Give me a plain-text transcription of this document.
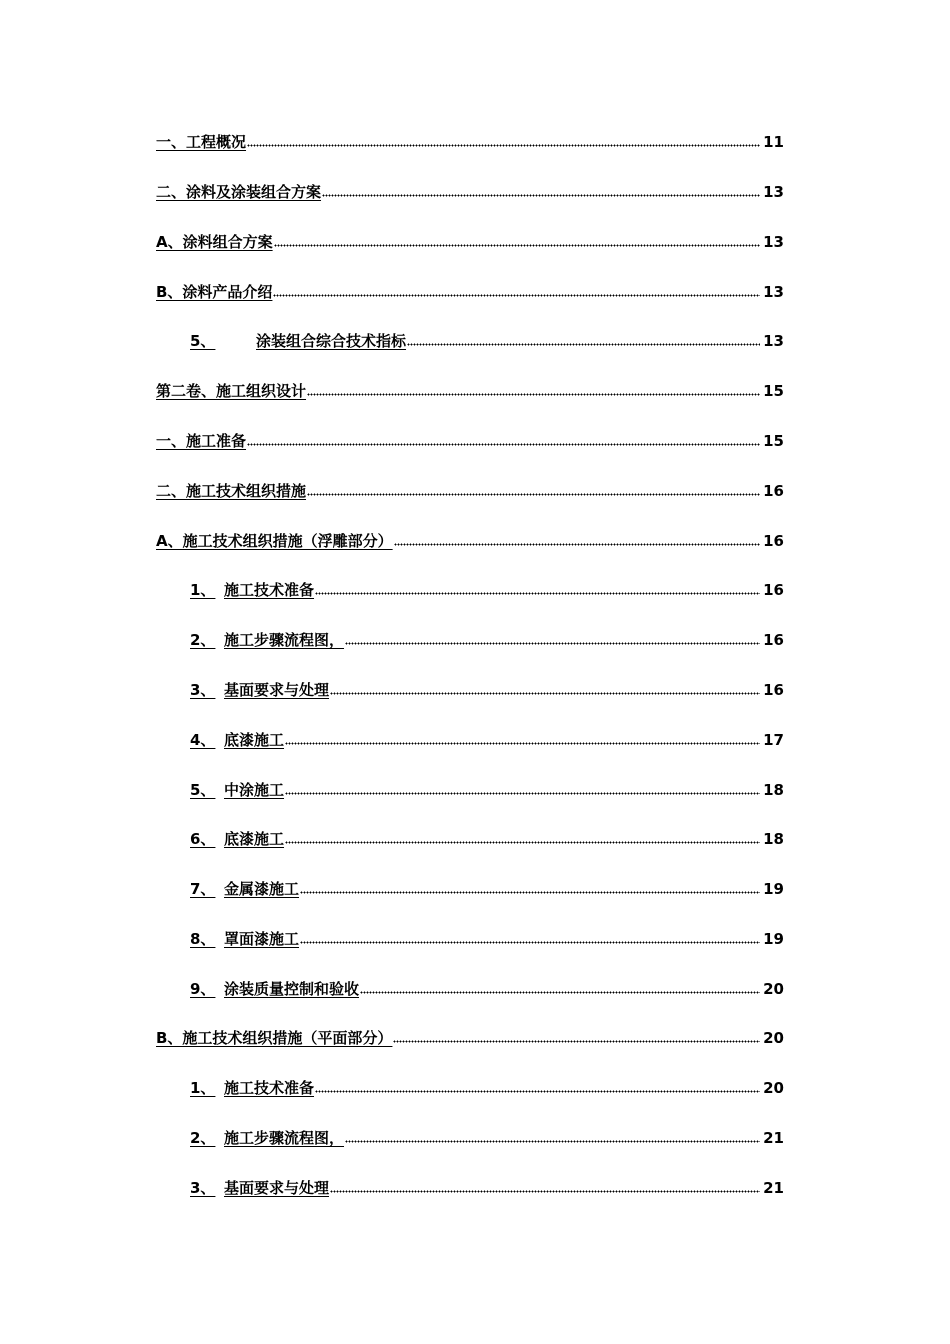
一、工程概况	11
二、涂料及涂装组合方案	13
A、涂料组合方案	13
B、涂料产品介绍	13
5、	涂装组合综合技术指标	13
第二卷、施工组织设计	15
一、施工准备	15
二、施工技术组织措施	16
A、施工技术组织措施（浮雕部分）	16
1、 施工技术准备	16
2、 施工步骤流程图，	16
3、 基面要求与处理	16
4、 底漆施工	17
5、 中涂施工	18
6、 底漆施工	18
7、 金属漆施工	19
8、 罩面漆施工	19
9、 涂装质量控制和验收	20
B、施工技术组织措施（平面部分）	20
1、 施工技术准备	20
2、 施工步骤流程图，	21
3、 基面要求与处理	21
